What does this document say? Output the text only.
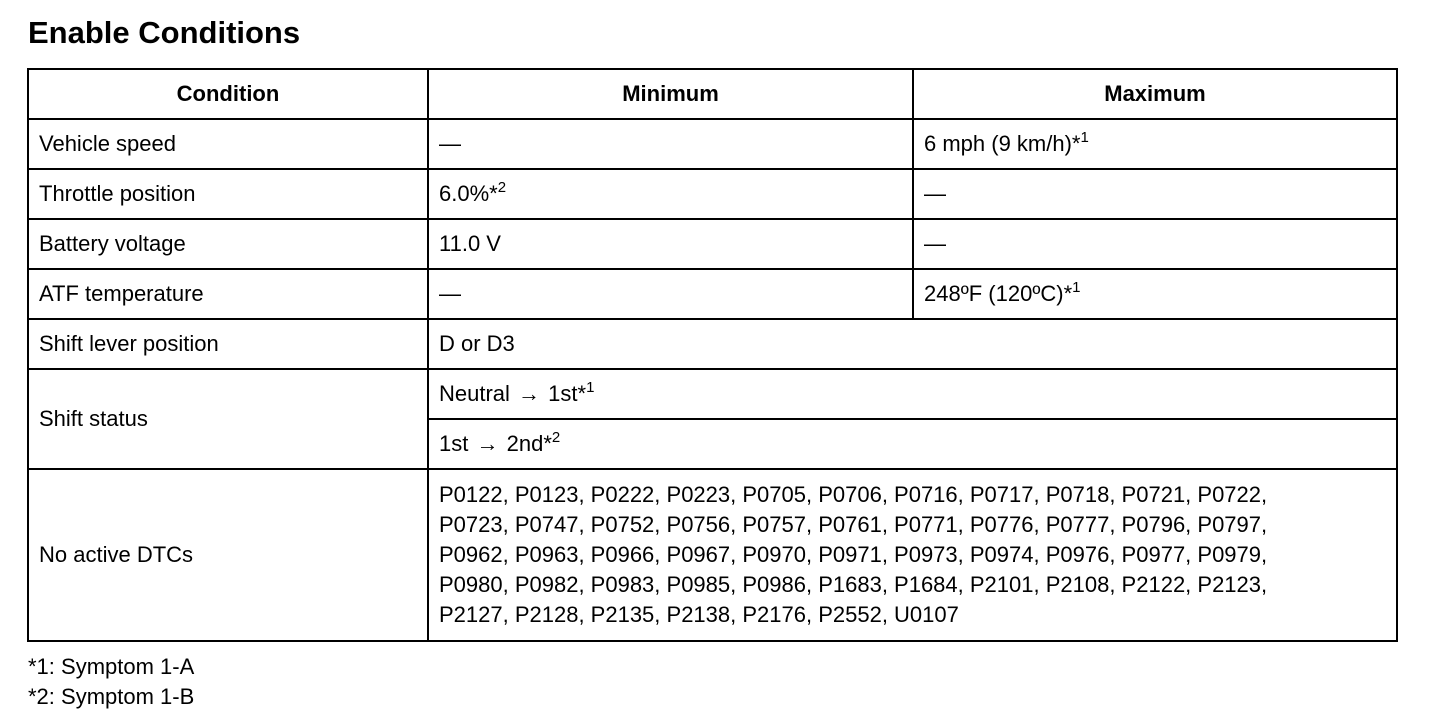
Enable Conditions
Condition	Minimum	Maximum
Vehicle speed	—	6 mph (9 km/h)*$^1$
Throttle position	6.0%*$^2$	—
Battery voltage	11.0 V	—
ATF temperature	—	248ºF (120ºC)*$^1$
Shift lever position	D or D3	
Shift status	Neutral → 1st*$^1$
	1st → 2nd*$^2$
No active DTCs	P0122, P0123, P0222, P0223, P0705, P0706, P0716, P0717, P0718, P0721, P0722,
P0723, P0747, P0752, P0756, P0757, P0761, P0771, P0776, P0777, P0796, P0797,
P0962, P0963, P0966, P0967, P0970, P0971, P0973, P0974, P0976, P0977, P0979,
P0980, P0982, P0983, P0985, P0986, P1683, P1684, P2101, P2108, P2122, P2123,
P2127, P2128, P2135, P2138, P2176, P2552, U0107	
*1: Symptom 1-A
*2: Symptom 1-B
